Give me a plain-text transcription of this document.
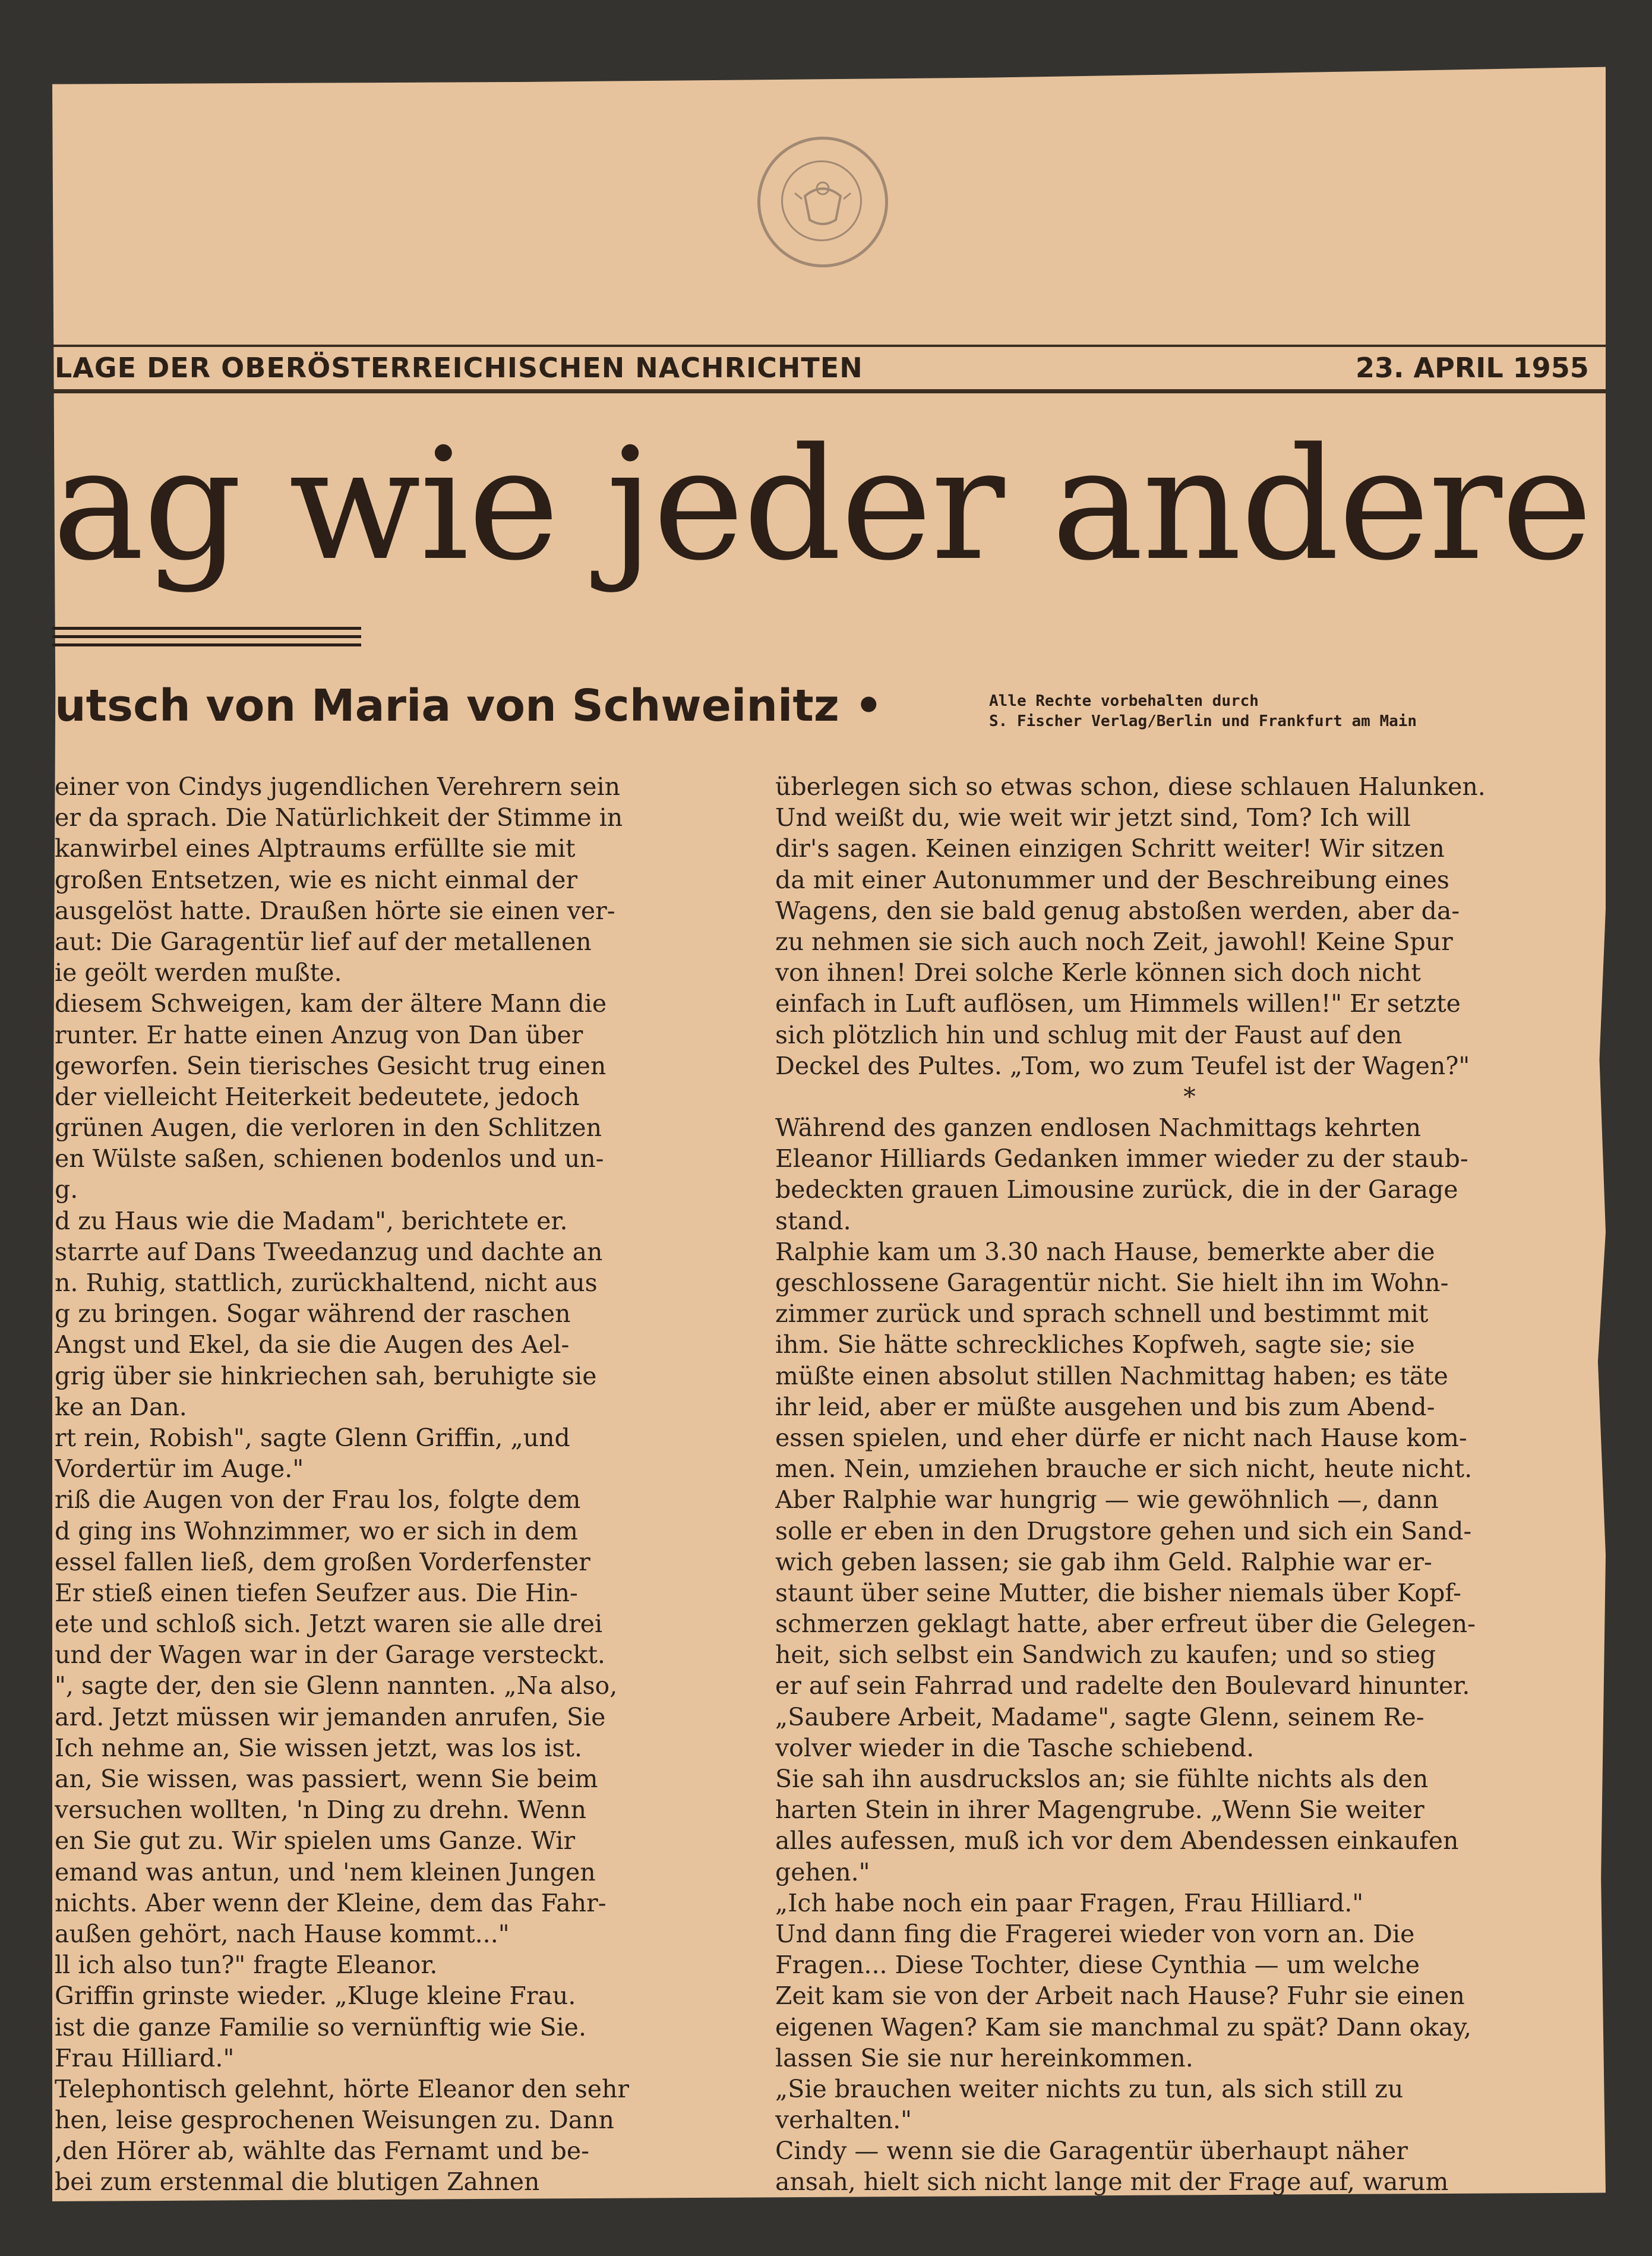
LAGE DER OBERÖSTERREICHISCHEN NACHRICHTEN	23. APRIL 1955
ag wie jeder andere
utsch von Maria von Schweinitz •	Alle Rechte vorbehalten durch
S. Fischer Verlag/Berlin und Frankfurt am Main
einer von Cindys jugendlichen Verehrern sein
er da sprach. Die Natürlichkeit der Stimme in
kanwirbel eines Alptraums erfüllte sie mit
großen Entsetzen, wie es nicht einmal der
ausgelöst hatte. Draußen hörte sie einen ver-
aut: Die Garagentür lief auf der metallenen
ie geölt werden mußte.
diesem Schweigen, kam der ältere Mann die
runter. Er hatte einen Anzug von Dan über
geworfen. Sein tierisches Gesicht trug einen
der vielleicht Heiterkeit bedeutete, jedoch
grünen Augen, die verloren in den Schlitzen
en Wülste saßen, schienen bodenlos und un-
g.
d zu Haus wie die Madam", berichtete er.
starrte auf Dans Tweedanzug und dachte an
n. Ruhig, stattlich, zurückhaltend, nicht aus
g zu bringen. Sogar während der raschen
Angst und Ekel, da sie die Augen des Ael-
grig über sie hinkriechen sah, beruhigte sie
ke an Dan.
rt rein, Robish", sagte Glenn Griffin, „und
Vordertür im Auge."
riß die Augen von der Frau los, folgte dem
d ging ins Wohnzimmer, wo er sich in dem
essel fallen ließ, dem großen Vorderfenster
Er stieß einen tiefen Seufzer aus. Die Hin-
ete und schloß sich. Jetzt waren sie alle drei
und der Wagen war in der Garage versteckt.
", sagte der, den sie Glenn nannten. „Na also,
ard. Jetzt müssen wir jemanden anrufen, Sie
Ich nehme an, Sie wissen jetzt, was los ist.
an, Sie wissen, was passiert, wenn Sie beim
versuchen wollten, 'n Ding zu drehn. Wenn
en Sie gut zu. Wir spielen ums Ganze. Wir
emand was antun, und 'nem kleinen Jungen
nichts. Aber wenn der Kleine, dem das Fahr-
außen gehört, nach Hause kommt..."
ll ich also tun?" fragte Eleanor.
Griffin grinste wieder. „Kluge kleine Frau.
ist die ganze Familie so vernünftig wie Sie.
Frau Hilliard."
Telephontisch gelehnt, hörte Eleanor den sehr
hen, leise gesprochenen Weisungen zu. Dann
,den Hörer ab, wählte das Fernamt und be-
bei zum erstenmal die blutigen Zahnen
überlegen sich so etwas schon, diese schlauen Halunken.
Und weißt du, wie weit wir jetzt sind, Tom? Ich will
dir's sagen. Keinen einzigen Schritt weiter! Wir sitzen
da mit einer Autonummer und der Beschreibung eines
Wagens, den sie bald genug abstoßen werden, aber da-
zu nehmen sie sich auch noch Zeit, jawohl! Keine Spur
von ihnen! Drei solche Kerle können sich doch nicht
einfach in Luft auflösen, um Himmels willen!" Er setzte
sich plötzlich hin und schlug mit der Faust auf den
Deckel des Pultes. „Tom, wo zum Teufel ist der Wagen?"
*
Während des ganzen endlosen Nachmittags kehrten
Eleanor Hilliards Gedanken immer wieder zu der staub-
bedeckten grauen Limousine zurück, die in der Garage
stand.
Ralphie kam um 3.30 nach Hause, bemerkte aber die
geschlossene Garagentür nicht. Sie hielt ihn im Wohn-
zimmer zurück und sprach schnell und bestimmt mit
ihm. Sie hätte schreckliches Kopfweh, sagte sie; sie
müßte einen absolut stillen Nachmittag haben; es täte
ihr leid, aber er müßte ausgehen und bis zum Abend-
essen spielen, und eher dürfe er nicht nach Hause kom-
men. Nein, umziehen brauche er sich nicht, heute nicht.
Aber Ralphie war hungrig — wie gewöhnlich —, dann
solle er eben in den Drugstore gehen und sich ein Sand-
wich geben lassen; sie gab ihm Geld. Ralphie war er-
staunt über seine Mutter, die bisher niemals über Kopf-
schmerzen geklagt hatte, aber erfreut über die Gelegen-
heit, sich selbst ein Sandwich zu kaufen; und so stieg
er auf sein Fahrrad und radelte den Boulevard hinunter.
„Saubere Arbeit, Madame", sagte Glenn, seinem Re-
volver wieder in die Tasche schiebend.
Sie sah ihn ausdruckslos an; sie fühlte nichts als den
harten Stein in ihrer Magengrube. „Wenn Sie weiter
alles aufessen, muß ich vor dem Abendessen einkaufen
gehen."
„Ich habe noch ein paar Fragen, Frau Hilliard."
Und dann fing die Fragerei wieder von vorn an. Die
Fragen... Diese Tochter, diese Cynthia — um welche
Zeit kam sie von der Arbeit nach Hause? Fuhr sie einen
eigenen Wagen? Kam sie manchmal zu spät? Dann okay,
lassen Sie sie nur hereinkommen.
„Sie brauchen weiter nichts zu tun, als sich still zu
verhalten."
Cindy — wenn sie die Garagentür überhaupt näher
ansah, hielt sich nicht lange mit der Frage auf, warum
